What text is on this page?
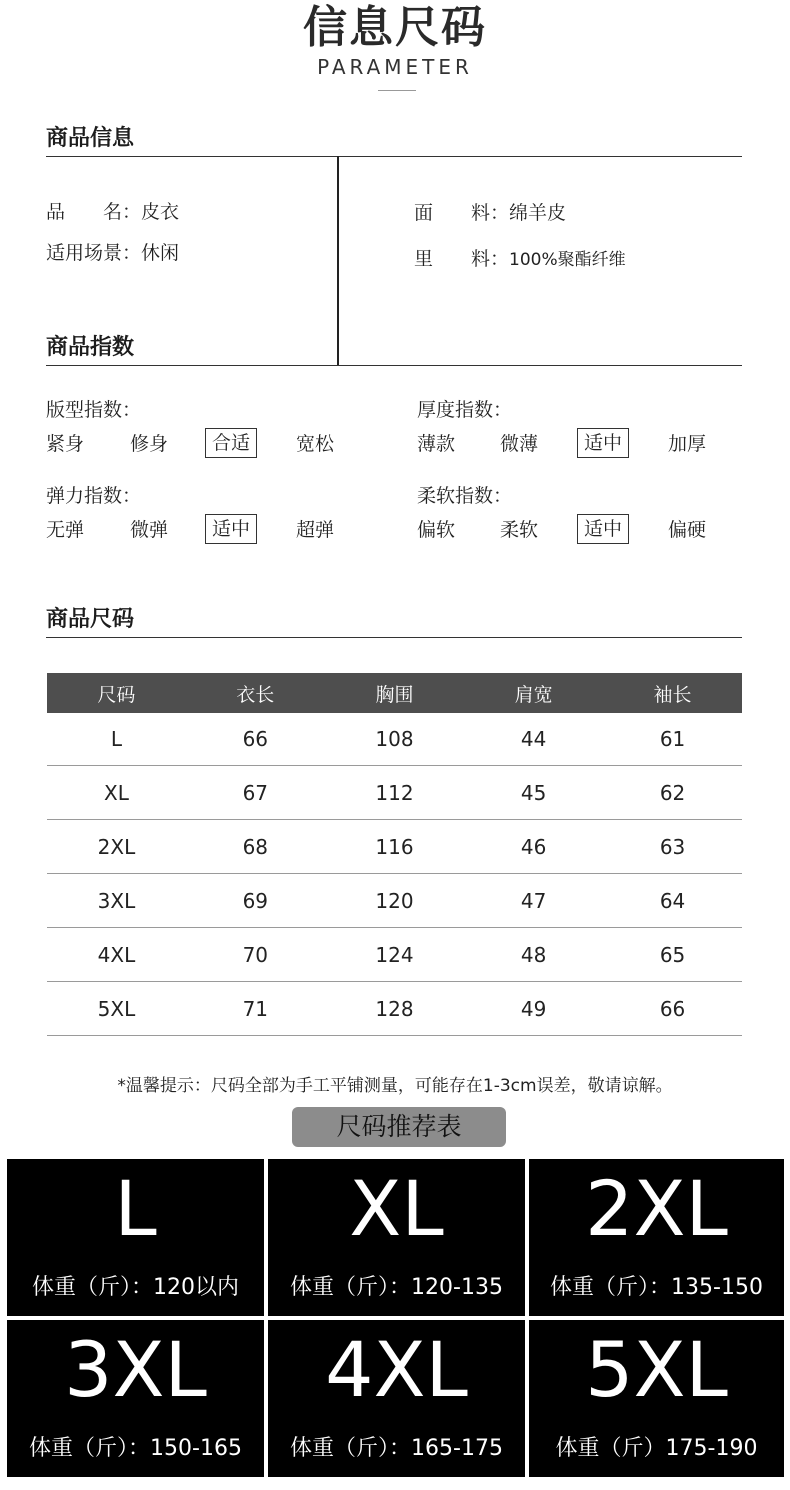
信息尺码
PARAMETER
商品信息
品　　名：皮衣
适用场景：休闲
面　　料：绵羊皮
里　　料：100%聚酯纤维
商品指数
版型指数：
紧身 修身	合适	宽松
厚度指数：
薄款 微薄	适中	加厚
弹力指数：
无弹 微弹	适中	超弹
柔软指数：
偏软 柔软	适中	偏硬
商品尺码
尺码	衣长	胸围	肩宽	袖长
L	66	108	44	61
XL	67	112	45	62
2XL	68	116	46	63
3XL	69	120	47	64
4XL	70	124	48	65
5XL	71	128	49	66
*温馨提示：尺码全部为手工平铺测量，可能存在1-3cm误差，敬请谅解。
尺码推荐表
L
体重（斤）：120以内
XL
体重（斤）：120-135
2XL
体重（斤）：135-150
3XL
体重（斤）：150-165
4XL
体重（斤）：165-175
5XL
体重（斤）175-190
